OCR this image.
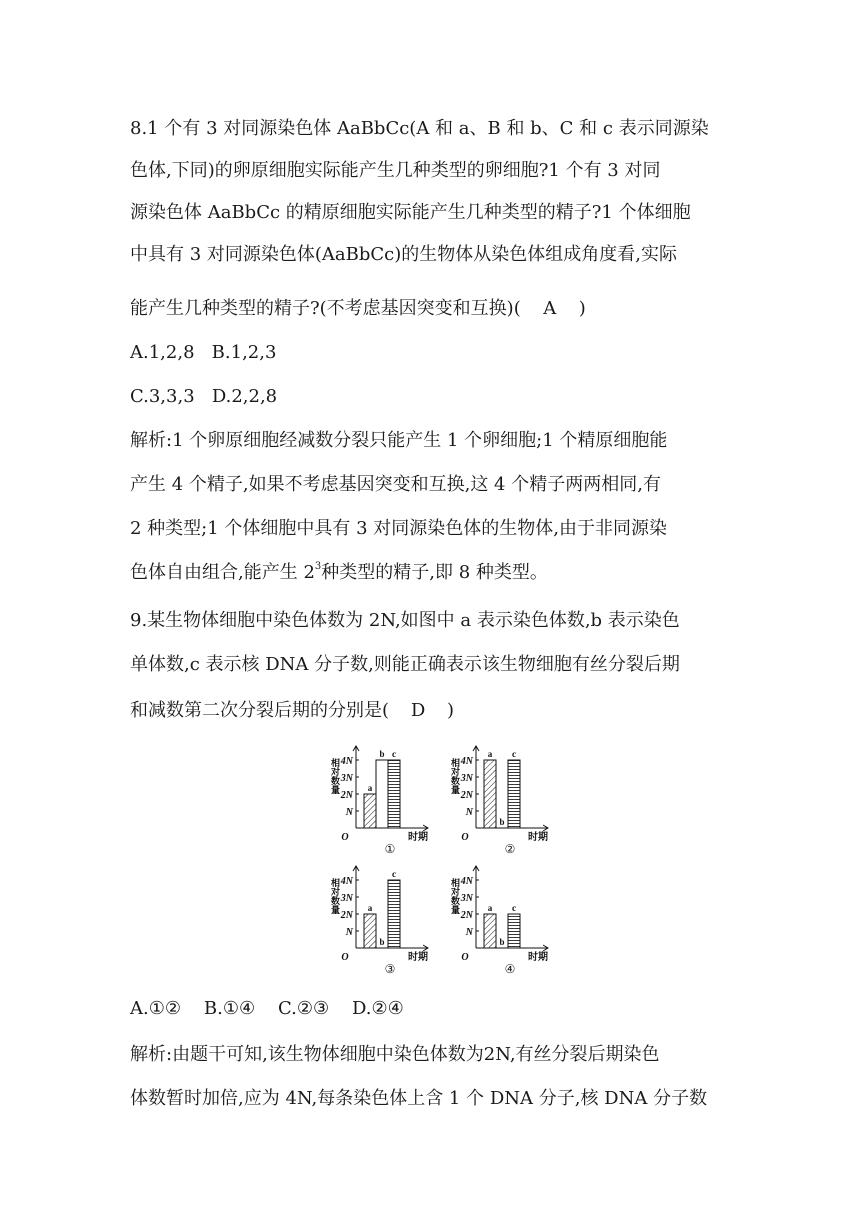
8.1 个有 3 对同源染色体 AaBbCc(A 和 a、B 和 b、C 和 c 表示同源染
色体,下同)的卵原细胞实际能产生几种类型的卵细胞?1 个有 3 对同
源染色体 AaBbCc 的精原细胞实际能产生几种类型的精子?1 个体细胞
中具有 3 对同源染色体(AaBbCc)的生物体从染色体组成角度看,实际
能产生几种类型的精子?(不考虑基因突变和互换)( A )
A.1,2,8   B.1,2,3
C.3,3,3   D.2,2,8
解析:1 个卵原细胞经减数分裂只能产生 1 个卵细胞;1 个精原细胞能
产生 4 个精子,如果不考虑基因突变和互换,这 4 个精子两两相同,有
2 种类型;1 个体细胞中具有 3 对同源染色体的生物体,由于非同源染
色体自由组合,能产生 $2^3$种类型的精子,即 8 种类型。
9.某生物体细胞中染色体数为 2N,如图中 a 表示染色体数,b 表示染色
单体数,c 表示核 DNA 分子数,则能正确表示该生物细胞有丝分裂后期
和减数第二次分裂后期的分别是( D )
N
2N
3N
4N
相对数量
O	时期
①
a
b c
N
2N
3N
4N
相对数量
O	时期
②
a
b
c
N
2N
3N
4N
相对数量
O	时期
③
a
b
c
N
2N
3N
4N
相对数量
O	时期
④
a
b
c
A.①②    B.①④    C.②③    D.②④
解析:由题干可知,该生物体细胞中染色体数为2N,有丝分裂后期染色
体数暂时加倍,应为 4N,每条染色体上含 1 个 DNA 分子,核 DNA 分子数
